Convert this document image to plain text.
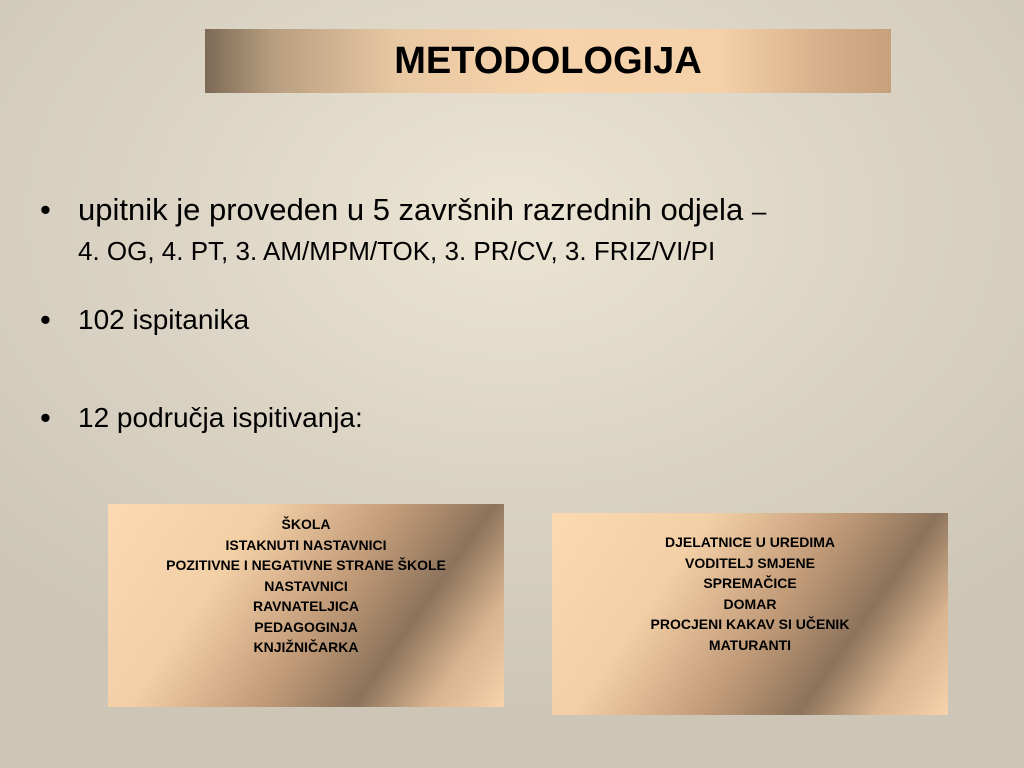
METODOLOGIJA
• upitnik je proveden u 5 završnih razrednih odjela –
4. OG, 4. PT, 3. AM/MPM/TOK, 3. PR/CV, 3. FRIZ/VI/PI
• 102 ispitanika
• 12 područja ispitivanja:
ŠKOLA
ISTAKNUTI NASTAVNICI
POZITIVNE I NEGATIVNE STRANE ŠKOLE
NASTAVNICI
RAVNATELJICA
PEDAGOGINJA
KNJIŽNIČARKA
DJELATNICE U UREDIMA
VODITELJ SMJENE
SPREMAČICE
DOMAR
PROCJENI KAKAV SI UČENIK
MATURANTI
